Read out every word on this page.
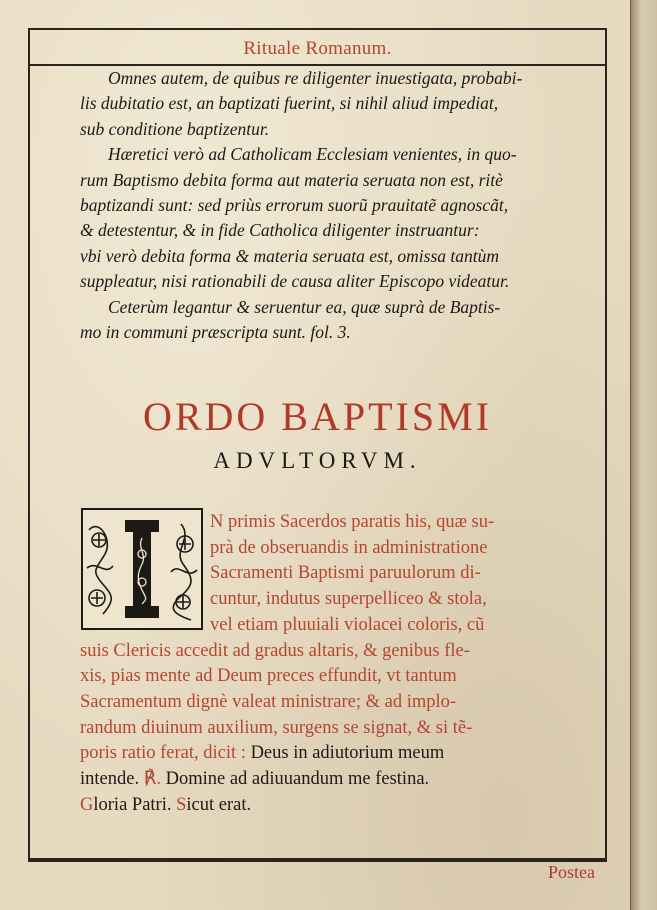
Rituale Romanum.
Omnes autem, de quibus re diligenter inuestigata, probabi-
lis dubitatio est, an baptizati fuerint, si nihil aliud impediat,
sub conditione baptizentur.
Hæretici verò ad Catholicam Ecclesiam venientes, in quo-
rum Baptismo debita forma aut materia seruata non est, ritè
baptizandi sunt: sed priùs errorum suorũ prauitatẽ agnoscãt,
& detestentur, & in fide Catholica diligenter instruantur:
vbi verò debita forma & materia seruata est, omissa tantùm
suppleatur, nisi rationabili de causa aliter Episcopo videatur.
Ceterùm legantur & seruentur ea, quæ suprà de Baptis-
mo in communi præscripta sunt. fol. 3.
ORDO BAPTISMI
ADVLTORVM.
N primis Sacerdos paratis his, quæ su-
prà de obseruandis in administratione
Sacramenti Baptismi paruulorum di-
cuntur, indutus superpelliceo & stola,
vel etiam pluuiali violacei coloris, cũ
suis Clericis accedit ad gradus altaris, & genibus fle-
xis, pias mente ad Deum preces effundit, vt tantum
Sacramentum dignè valeat ministrare; & ad implo-
randum diuinum auxilium, surgens se signat, & si tẽ-
poris ratio ferat, dicit : Deus in adiutorium meum
intende. ℟. Domine ad adiuuandum me festina.
Gloria Patri. Sicut erat.
Postea
